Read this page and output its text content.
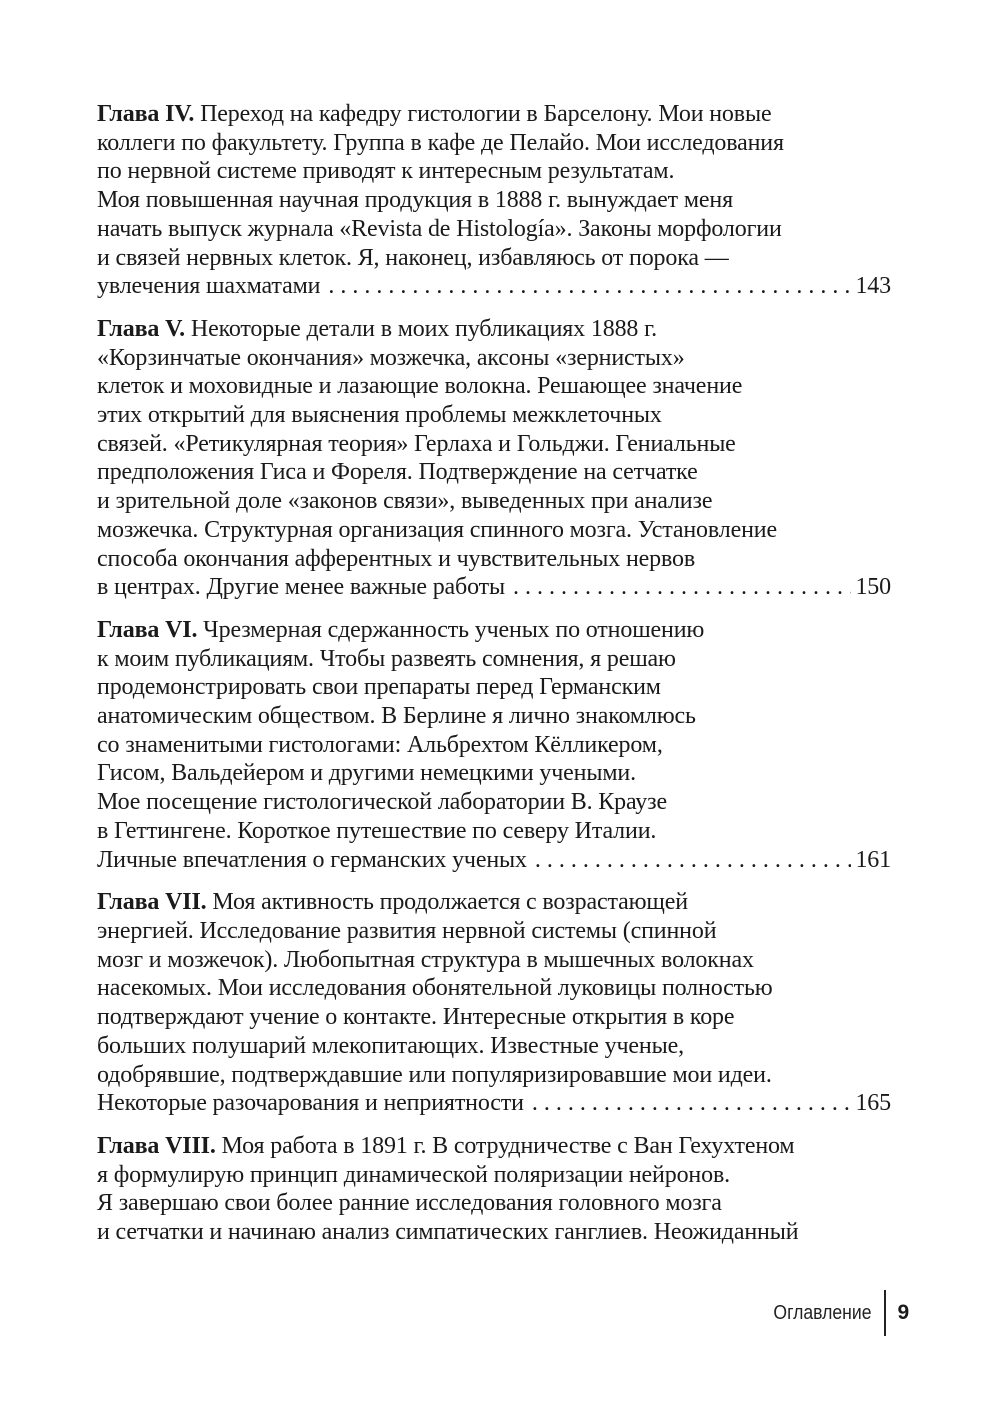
Глава IV. Переход на кафедру гистологии в Барселону. Мои новые
коллеги по факультету. Группа в кафе де Пелайо. Мои исследования
по нервной системе приводят к интересным результатам.
Моя повышенная научная продукция в 1888 г. вынуждает меня
начать выпуск журнала «Revista de Histología». Законы морфологии
и связей нервных клеток. Я, наконец, избавляюсь от порока —
увлечения шахматами . . .	143
Глава V. Некоторые детали в моих публикациях 1888 г.
«Корзинчатые окончания» мозжечка, аксоны «зернистых»
клеток и моховидные и лазающие волокна. Решающее значение
этих открытий для выяснения проблемы межклеточных
связей. «Ретикулярная теория» Герлаха и Гольджи. Гениальные
предположения Гиса и Фореля. Подтверждение на сетчатке
и зрительной доле «законов связи», выведенных при анализе
мозжечка. Структурная организация спинного мозга. Установление
способа окончания афферентных и чувствительных нервов
в центрах. Другие менее важные работы . . .	150
Глава VI. Чрезмерная сдержанность ученых по отношению
к моим публикациям. Чтобы развеять сомнения, я решаю
продемонстрировать свои препараты перед Германским
анатомическим обществом. В Берлине я лично знакомлюсь
со знаменитыми гистологами: Альбрехтом Кёлликером,
Гисом, Вальдейером и другими немецкими учеными.
Мое посещение гистологической лаборатории В. Краузе
в Геттингене. Короткое путешествие по северу Италии.
Личные впечатления о германских ученых . . .	161
Глава VII. Моя активность продолжается с возрастающей
энергией. Исследование развития нервной системы (спинной
мозг и мозжечок). Любопытная структура в мышечных волокнах
насекомых. Мои исследования обонятельной луковицы полностью
подтверждают учение о контакте. Интересные открытия в коре
больших полушарий млекопитающих. Известные ученые,
одобрявшие, подтверждавшие или популяризировавшие мои идеи.
Некоторые разочарования и неприятности . . .	165
Глава VIII. Моя работа в 1891 г. В сотрудничестве с Ван Гехухтеном
я формулирую принцип динамической поляризации нейронов.
Я завершаю свои более ранние исследования головного мозга
и сетчатки и начинаю анализ симпатических ганглиев. Неожиданный
Оглавление 9
